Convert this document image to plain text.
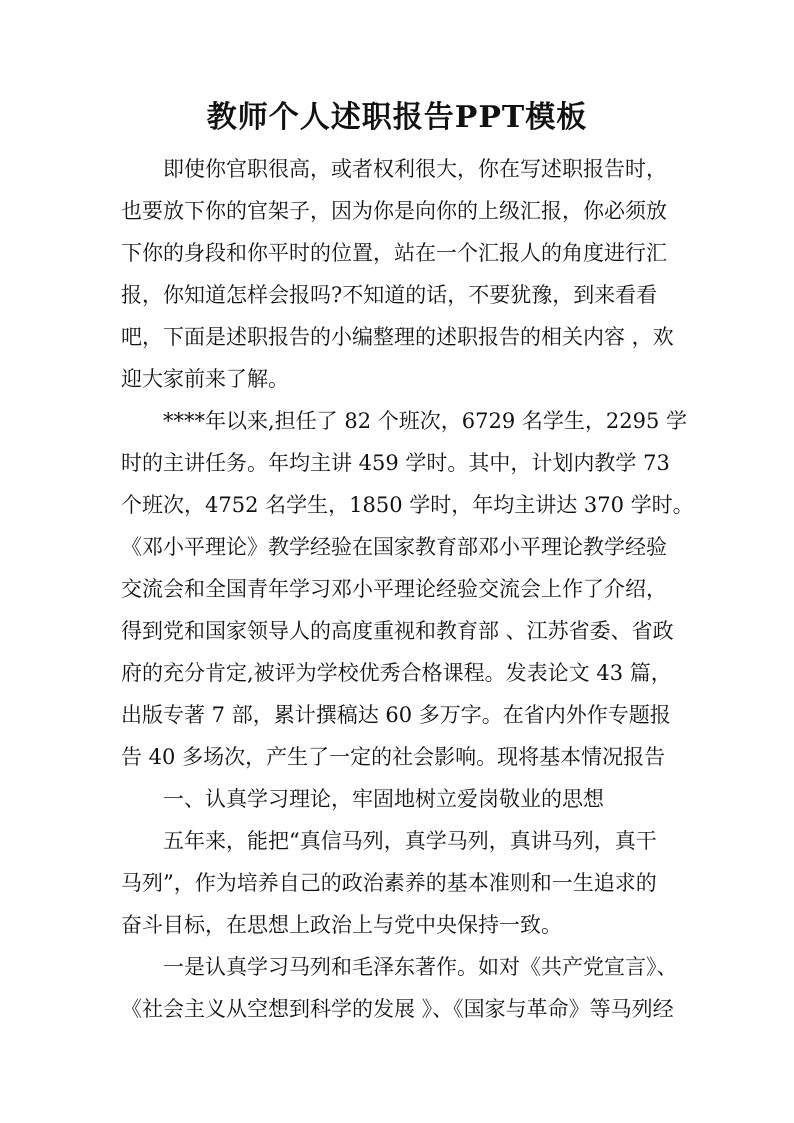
教师个人述职报告PPT模板
　　即使你官职很高，或者权利很大，你在写述职报告时，
也要放下你的官架子，因为你是向你的上级汇报，你必须放
下你的身段和你平时的位置，站在一个汇报人的角度进行汇
报，你知道怎样会报吗?不知道的话，不要犹豫，到来看看
吧，下面是述职报告的小编整理的述职报告的相关内容 ，欢
迎大家前来了解。
　　****年以来,担任了 82 个班次，6729 名学生，2295 学
时的主讲任务。年均主讲 459 学时。其中，计划内教学 73
个班次，4752 名学生，1850 学时，年均主讲达 370 学时。
《邓小平理论》教学经验在国家教育部邓小平理论教学经验
交流会和全国青年学习邓小平理论经验交流会上作了介绍，
得到党和国家领导人的高度重视和教育部 、江苏省委、省政
府的充分肯定,被评为学校优秀合格课程。发表论文 43 篇，
出版专著 7 部，累计撰稿达 60 多万字。在省内外作专题报
告 40 多场次，产生了一定的社会影响。现将基本情况报告
　　一、认真学习理论，牢固地树立爱岗敬业的思想
　　五年来，能把“真信马列，真学马列，真讲马列，真干
马列”，作为培养自己的政治素养的基本准则和一生追求的
奋斗目标，在思想上政治上与党中央保持一致。
　　一是认真学习马列和毛泽东著作。如对《共产党宣言》、
《社会主义从空想到科学的发展 》、《国家与革命》等马列经
